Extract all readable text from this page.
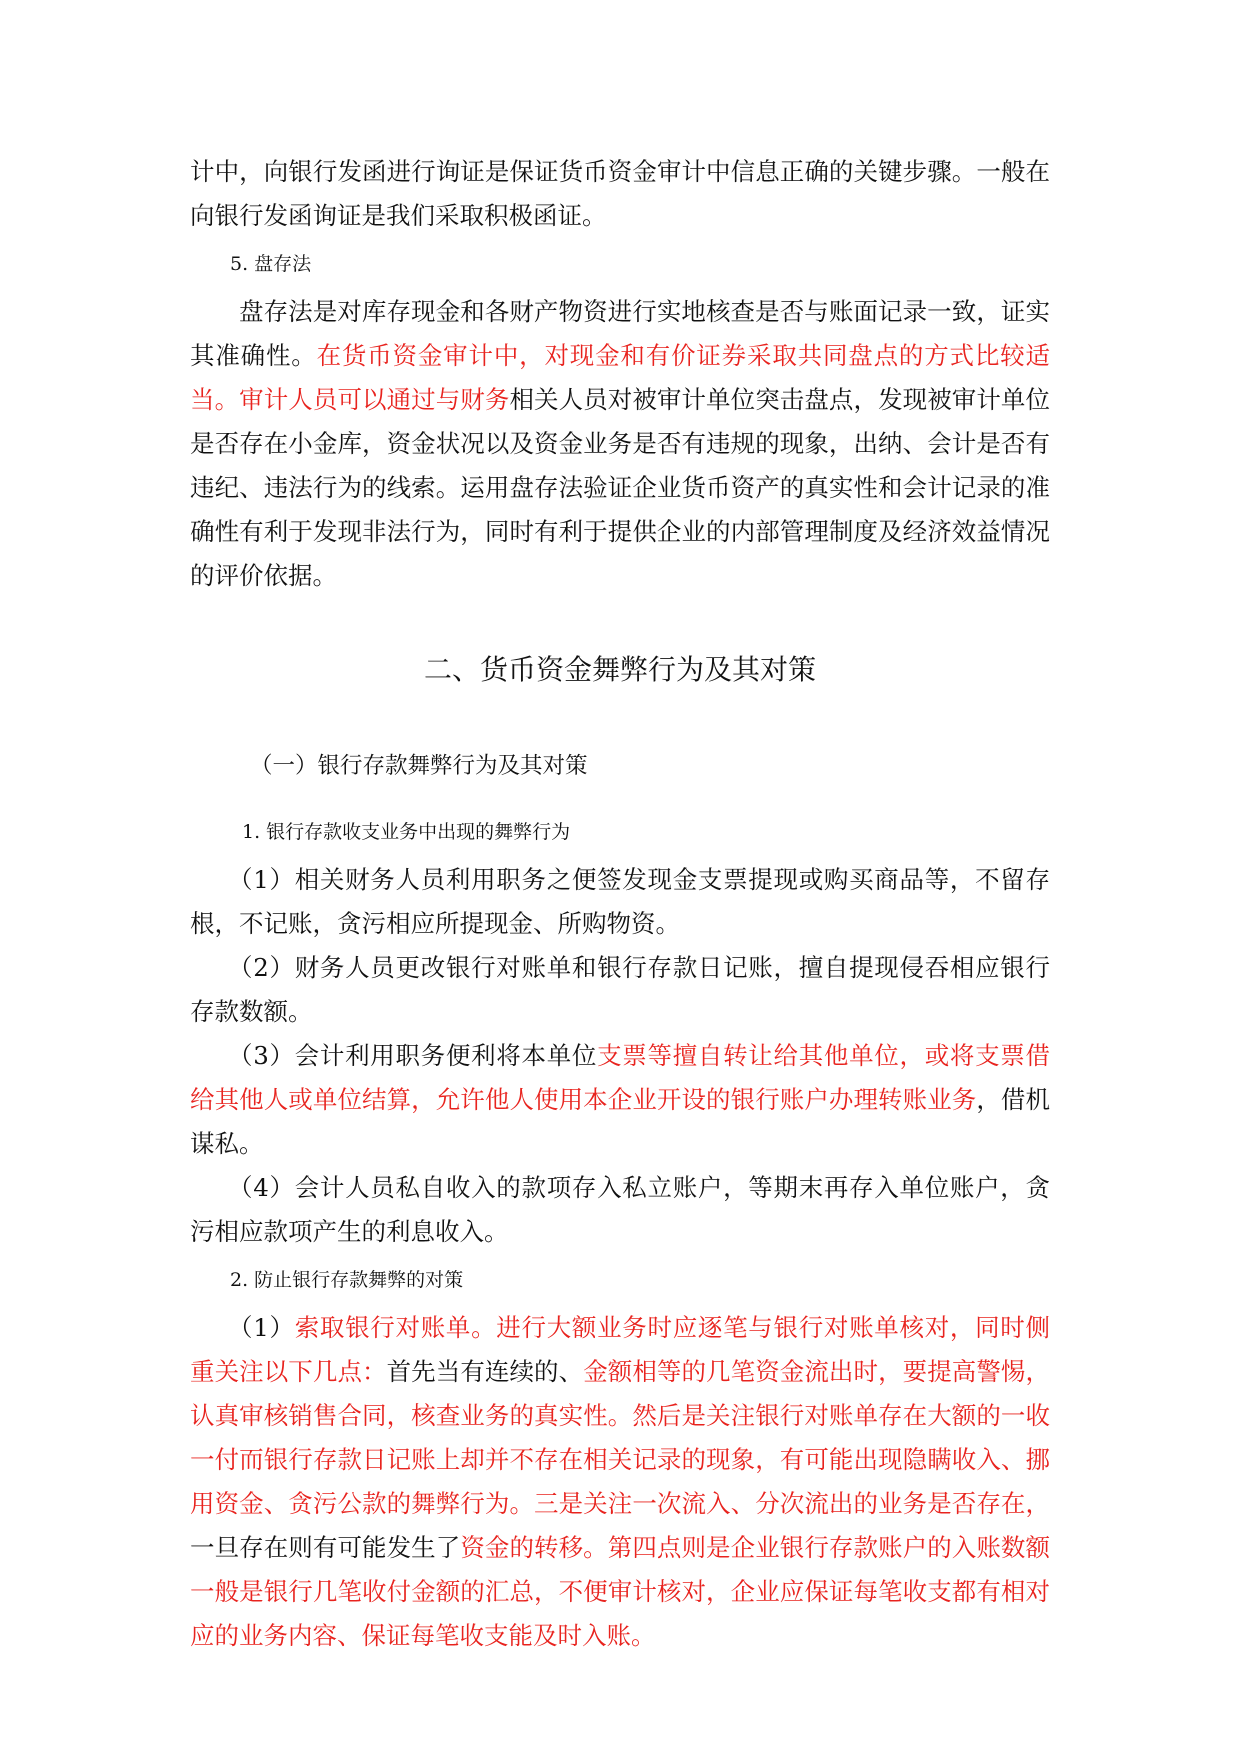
计中，向银行发函进行询证是保证货币资金审计中信息正确的关键步骤。一般在向银行发函询证是我们采取积极函证。

5. 盘存法

盘存法是对库存现金和各财产物资进行实地核查是否与账面记录一致，证实其准确性。在货币资金审计中，对现金和有价证券采取共同盘点的方式比较适当。审计人员可以通过与财务相关人员对被审计单位突击盘点，发现被审计单位是否存在小金库，资金状况以及资金业务是否有违规的现象，出纳、会计是否有违纪、违法行为的线索。运用盘存法验证企业货币资产的真实性和会计记录的准确性有利于发现非法行为，同时有利于提供企业的内部管理制度及经济效益情况的评价依据。

二、货币资金舞弊行为及其对策

（一）银行存款舞弊行为及其对策

1. 银行存款收支业务中出现的舞弊行为

（1）相关财务人员利用职务之便签发现金支票提现或购买商品等，不留存根，不记账，贪污相应所提现金、所购物资。

（2）财务人员更改银行对账单和银行存款日记账，擅自提现侵吞相应银行存款数额。

（3）会计利用职务便利将本单位支票等擅自转让给其他单位，或将支票借给其他人或单位结算，允许他人使用本企业开设的银行账户办理转账业务，借机谋私。

（4）会计人员私自收入的款项存入私立账户，等期末再存入单位账户，贪污相应款项产生的利息收入。

2. 防止银行存款舞弊的对策

（1）索取银行对账单。进行大额业务时应逐笔与银行对账单核对，同时侧重关注以下几点：首先当有连续的、金额相等的几笔资金流出时，要提高警惕，认真审核销售合同，核查业务的真实性。然后是关注银行对账单存在大额的一收一付而银行存款日记账上却并不存在相关记录的现象，有可能出现隐瞒收入、挪用资金、贪污公款的舞弊行为。三是关注一次流入、分次流出的业务是否存在，一旦存在则有可能发生了资金的转移。第四点则是企业银行存款账户的入账数额一般是银行几笔收付金额的汇总，不便审计核对，企业应保证每笔收支都有相对应的业务内容、保证每笔收支能及时入账。
